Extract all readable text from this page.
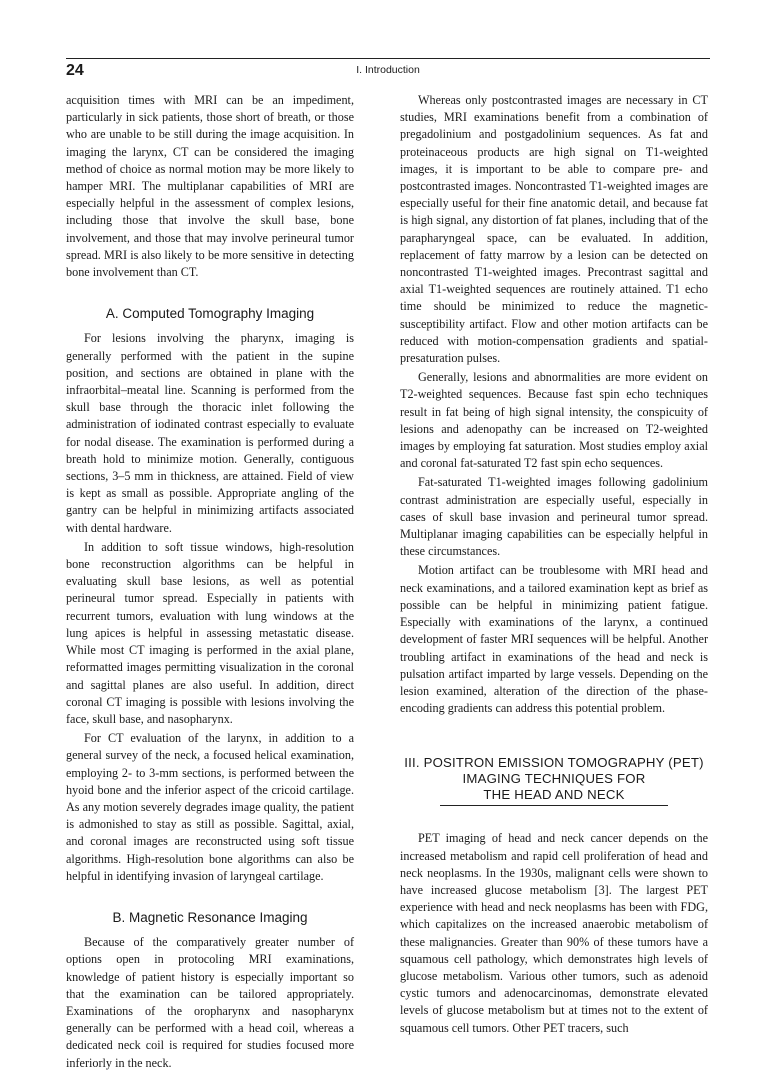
24	I. Introduction

acquisition times with MRI can be an impediment, particularly in sick patients, those short of breath, or those who are unable to be still during the image acquisition. In imaging the larynx, CT can be considered the imaging method of choice as normal motion may be more likely to hamper MRI. The multiplanar capabilities of MRI are especially helpful in the assessment of complex lesions, including those that involve the skull base, bone involvement, and those that may involve perineural tumor spread. MRI is also likely to be more sensitive in detecting bone involvement than CT.

A. Computed Tomography Imaging

For lesions involving the pharynx, imaging is generally performed with the patient in the supine position, and sections are obtained in plane with the infraorbital–meatal line. Scanning is performed from the skull base through the thoracic inlet following the administration of iodinated contrast especially to evaluate for nodal disease. The examination is performed during a breath hold to minimize motion. Generally, contiguous sections, 3–5 mm in thickness, are attained. Field of view is kept as small as possible. Appropriate angling of the gantry can be helpful in minimizing artifacts associated with dental hardware.

In addition to soft tissue windows, high-resolution bone reconstruction algorithms can be helpful in evaluating skull base lesions, as well as potential perineural tumor spread. Especially in patients with recurrent tumors, evaluation with lung windows at the lung apices is helpful in assessing metastatic disease. While most CT imaging is performed in the axial plane, reformatted images permitting visualization in the coronal and sagittal planes are also useful. In addition, direct coronal CT imaging is possible with lesions involving the face, skull base, and nasopharynx.

For CT evaluation of the larynx, in addition to a general survey of the neck, a focused helical examination, employing 2- to 3-mm sections, is performed between the hyoid bone and the inferior aspect of the cricoid cartilage. As any motion severely degrades image quality, the patient is admonished to stay as still as possible. Sagittal, axial, and coronal images are reconstructed using soft tissue algorithms. High-resolution bone algorithms can also be helpful in identifying invasion of laryngeal cartilage.

B. Magnetic Resonance Imaging

Because of the comparatively greater number of options open in protocoling MRI examinations, knowledge of patient history is especially important so that the examination can be tailored appropriately. Examinations of the oropharynx and nasopharynx generally can be performed with a head coil, whereas a dedicated neck coil is required for studies focused more inferiorly in the neck.

Whereas only postcontrasted images are necessary in CT studies, MRI examinations benefit from a combination of pregadolinium and postgadolinium sequences. As fat and proteinaceous products are high signal on T1-weighted images, it is important to be able to compare pre- and postcontrasted images. Noncontrasted T1-weighted images are especially useful for their fine anatomic detail, and because fat is high signal, any distortion of fat planes, including that of the parapharyngeal space, can be evaluated. In addition, replacement of fatty marrow by a lesion can be detected on noncontrasted T1-weighted images. Precontrast sagittal and axial T1-weighted sequences are routinely attained. T1 echo time should be minimized to reduce the magnetic-susceptibility artifact. Flow and other motion artifacts can be reduced with motion-compensation gradients and spatial-presaturation pulses.

Generally, lesions and abnormalities are more evident on T2-weighted sequences. Because fast spin echo techniques result in fat being of high signal intensity, the conspicuity of lesions and adenopathy can be increased on T2-weighted images by employing fat saturation. Most studies employ axial and coronal fat-saturated T2 fast spin echo sequences.

Fat-saturated T1-weighted images following gadolinium contrast administration are especially useful, especially in cases of skull base invasion and perineural tumor spread. Multiplanar imaging capabilities can be especially helpful in these circumstances.

Motion artifact can be troublesome with MRI head and neck examinations, and a tailored examination kept as brief as possible can be helpful in minimizing patient fatigue. Especially with examinations of the larynx, a continued development of faster MRI sequences will be helpful. Another troubling artifact in examinations of the head and neck is pulsation artifact imparted by large vessels. Depending on the lesion examined, alteration of the direction of the phase-encoding gradients can address this potential problem.

III. POSITRON EMISSION TOMOGRAPHY (PET)
IMAGING TECHNIQUES FOR
THE HEAD AND NECK

PET imaging of head and neck cancer depends on the increased metabolism and rapid cell proliferation of head and neck neoplasms. In the 1930s, malignant cells were shown to have increased glucose metabolism [3]. The largest PET experience with head and neck neoplasms has been with FDG, which capitalizes on the increased anaerobic metabolism of these malignancies. Greater than 90% of these tumors have a squamous cell pathology, which demonstrates high levels of glucose metabolism. Various other tumors, such as adenoid cystic tumors and adenocarcinomas, demonstrate elevated levels of glucose metabolism but at times not to the extent of squamous cell tumors. Other PET tracers, such
